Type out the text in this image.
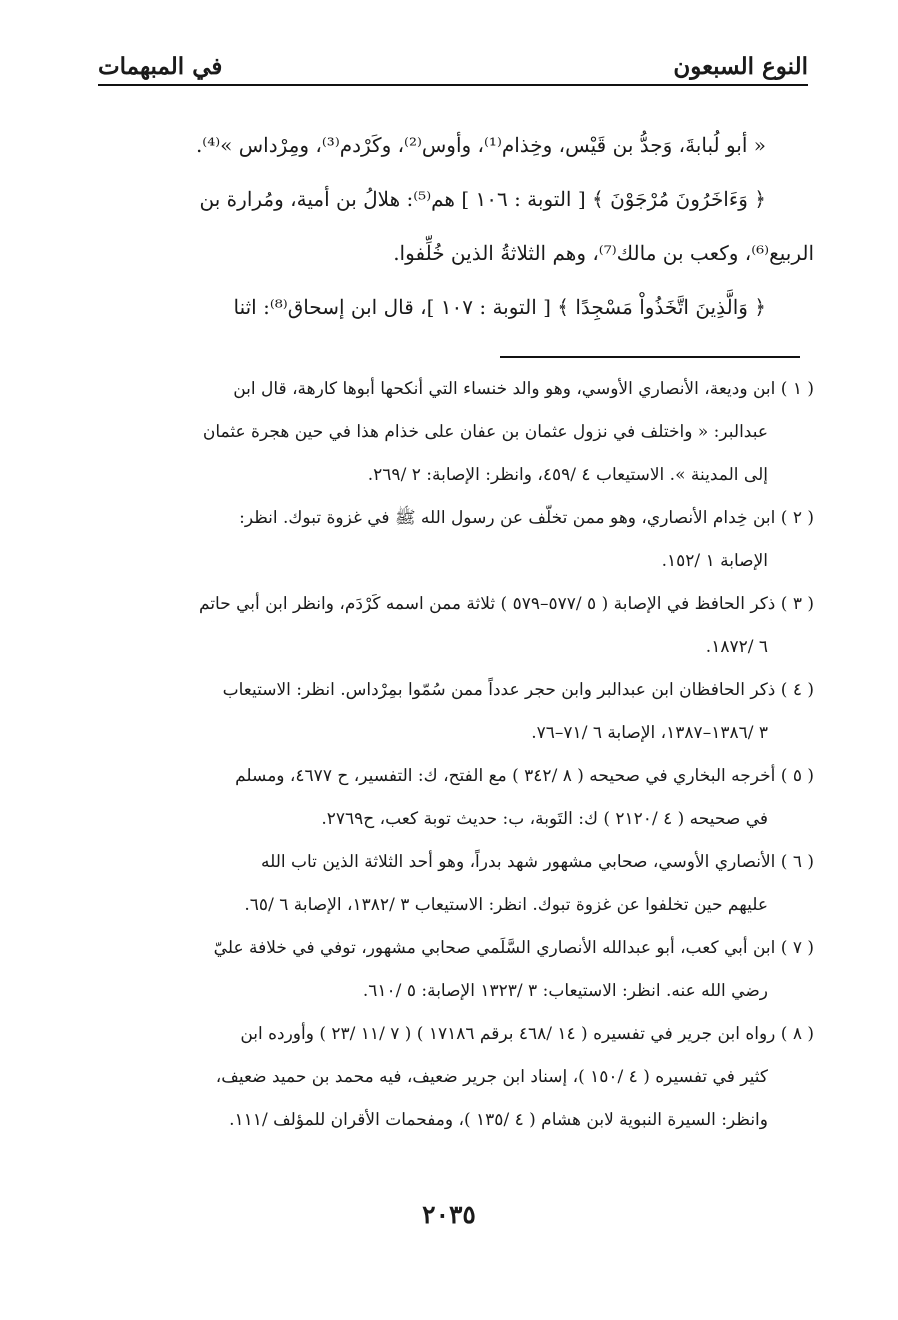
النوع السبعون
في المبهمات

« أبو لُبابةَ، وَجدُّ بن قَيْس، وخِذام⁽¹⁾، وأوس⁽²⁾، وكَرْدم⁽³⁾، ومِرْداس »⁽⁴⁾.

﴿ وَءَاخَرُونَ مُرْجَوْنَ ﴾ [ التوبة : ١٠٦ ] هم⁽⁵⁾: هلالُ بن أمية، ومُرارة بن

الربيع⁽⁶⁾، وكعب بن مالك⁽⁷⁾، وهم الثلاثةُ الذين خُلِّفوا.

﴿ وَالَّذِينَ اتَّخَذُواْ مَسْجِدًا ﴾ [ التوبة : ١٠٧ ]، قال ابن إسحاق⁽⁸⁾: اثنا

( ١ ) ابن وديعة، الأنصاري الأوسي، وهو والد خنساء التي أنكحها أبوها كارهة، قال ابن
عبدالبر: « واختلف في نزول عثمان بن عفان على خذام هذا في حين هجرة عثمان
إلى المدينة ». الاستيعاب ٤ /٤٥٩، وانظر: الإصابة: ٢ /٢٦٩.
( ٢ ) ابن خِدام الأنصاري، وهو ممن تخلّف عن رسول الله ﷺ في غزوة تبوك. انظر:
الإصابة ١ /١٥٢.
( ٣ ) ذكر الحافظ في الإصابة ( ٥ /٥٧٧–٥٧٩ ) ثلاثة ممن اسمه كَرْدَم، وانظر ابن أبي حاتم
٦ /١٨٧٢.
( ٤ ) ذكر الحافظان ابن عبدالبر وابن حجر عدداً ممن سُمّوا بمِرْداس. انظر: الاستيعاب
٣ /١٣٨٦–١٣٨٧، الإصابة ٦ /٧١–٧٦.
( ٥ ) أخرجه البخاري في صحيحه ( ٨ /٣٤٢ ) مع الفتح، ك: التفسير، ح ٤٦٧٧، ومسلم
في صحيحه ( ٤ /٢١٢٠ ) ك: التَوبة، ب: حديث توبة كعب، ح٢٧٦٩.
( ٦ ) الأنصاري الأوسي، صحابي مشهور شهد بدراً، وهو أحد الثلاثة الذين تاب الله
عليهم حين تخلفوا عن غزوة تبوك. انظر: الاستيعاب ٣ /١٣٨٢، الإصابة ٦ /٦٥.
( ٧ ) ابن أبي كعب، أبو عبدالله الأنصاري السَّلَمي صحابي مشهور، توفي في خلافة عليّ
رضي الله عنه. انظر: الاستيعاب: ٣ /١٣٢٣ الإصابة: ٥ /٦١٠.
( ٨ ) رواه ابن جرير في تفسيره ( ١٤ /٤٦٨ برقم ١٧١٨٦ ) ( ٧ /١١ /٢٣ ) وأورده ابن
كثير في تفسيره ( ٤ /١٥٠ )، إسناد ابن جرير ضعيف، فيه محمد بن حميد ضعيف،
وانظر: السيرة النبوية لابن هشام ( ٤ /١٣٥ )، ومفحمات الأقران للمؤلف /١١١.
٢٠٣٥
